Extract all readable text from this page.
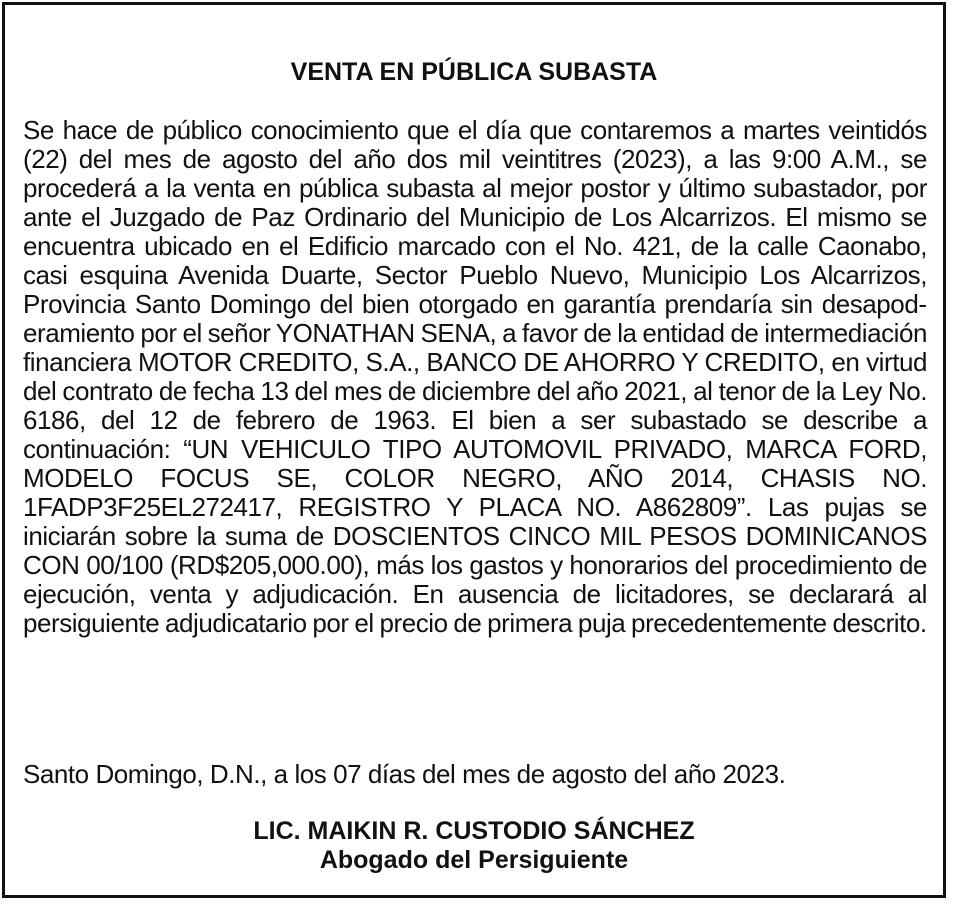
VENTA EN PÚBLICA SUBASTA
Se hace de público conocimiento que el día que contaremos a martes veintidós (22) del mes de agosto del año dos mil veintitres (2023), a las 9:00 A.M., se procederá a la venta en pública subasta al mejor postor y último subastador, por ante el Juzgado de Paz Ordinario del Municipio de Los Alcarrizos. El mismo se encuentra ubicado en el Edificio marcado con el No. 421, de la calle Caonabo, casi esquina Avenida Duarte, Sector Pueblo Nuevo, Municipio Los Alcarrizos, Provincia Santo Domingo del bien otorgado en garantía prendaría sin desapoderamiento por el señor YONATHAN SENA, a favor de la entidad de intermediación financiera MOTOR CREDITO, S.A., BANCO DE AHORRO Y CREDITO, en virtud del contrato de fecha 13 del mes de diciembre del año 2021, al tenor de la Ley No. 6186, del 12 de febrero de 1963. El bien a ser subastado se describe a continuación: “UN VEHICULO TIPO AUTOMOVIL PRIVADO, MARCA FORD, MODELO FOCUS SE, COLOR NEGRO, AÑO 2014, CHASIS NO. 1FADP3F25EL272417, REGISTRO Y PLACA NO. A862809”. Las pujas se iniciarán sobre la suma de DOSCIENTOS CINCO MIL PESOS DOMINICANOS CON 00/100 (RD$205,000.00), más los gastos y honorarios del procedimiento de ejecución, venta y adjudicación. En ausencia de licitadores, se declarará al persiguiente adjudicatario por el precio de primera puja precedentemente descrito.
Santo Domingo, D.N., a los 07 días del mes de agosto del año 2023.
LIC. MAIKIN R. CUSTODIO SÁNCHEZ
Abogado del Persiguiente
